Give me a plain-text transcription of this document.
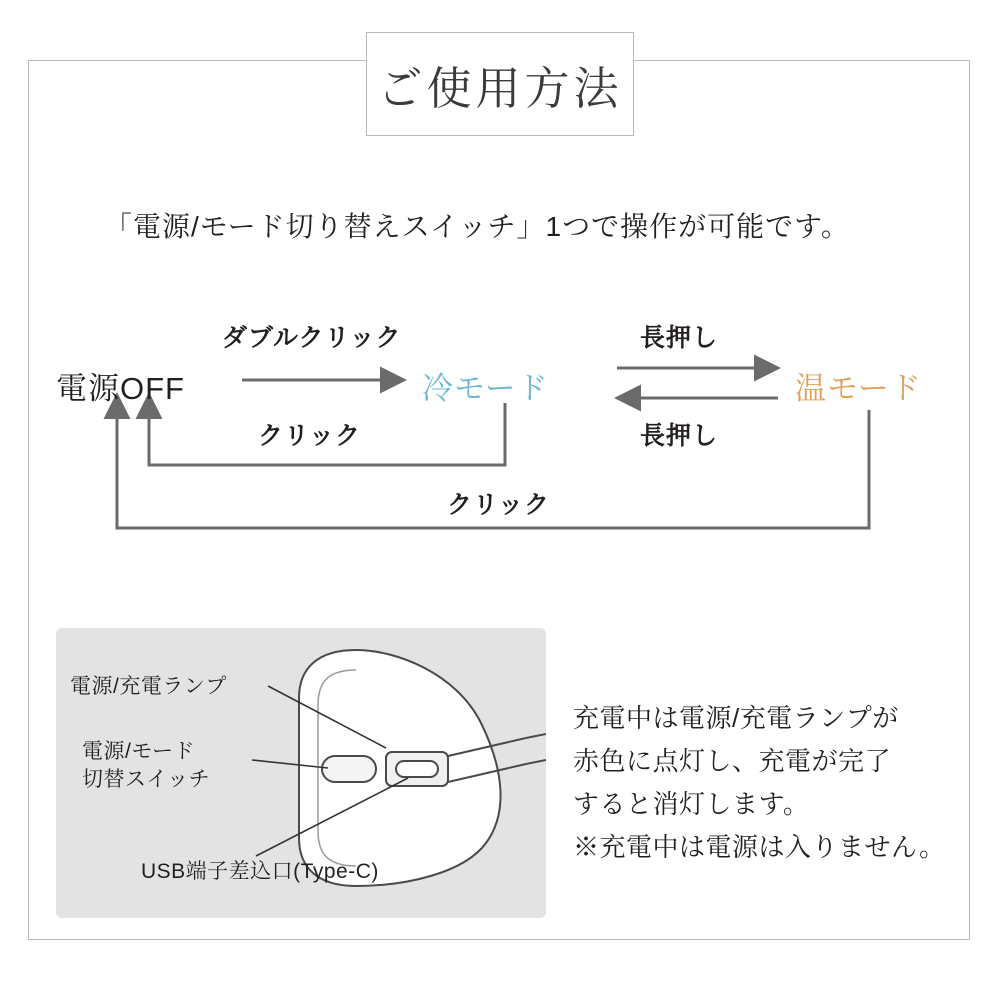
ご使用方法
「電源/モード切り替えスイッチ」1つで操作が可能です。
電源OFF	冷モード	温モード
ダブルクリック
クリック
長押し
長押し
クリック
電源/充電ランプ
電源/モード
切替スイッチ
USB端子差込口(Type-C)
充電中は電源/充電ランプが
赤色に点灯し、充電が完了
すると消灯します。
※充電中は電源は入りません。
